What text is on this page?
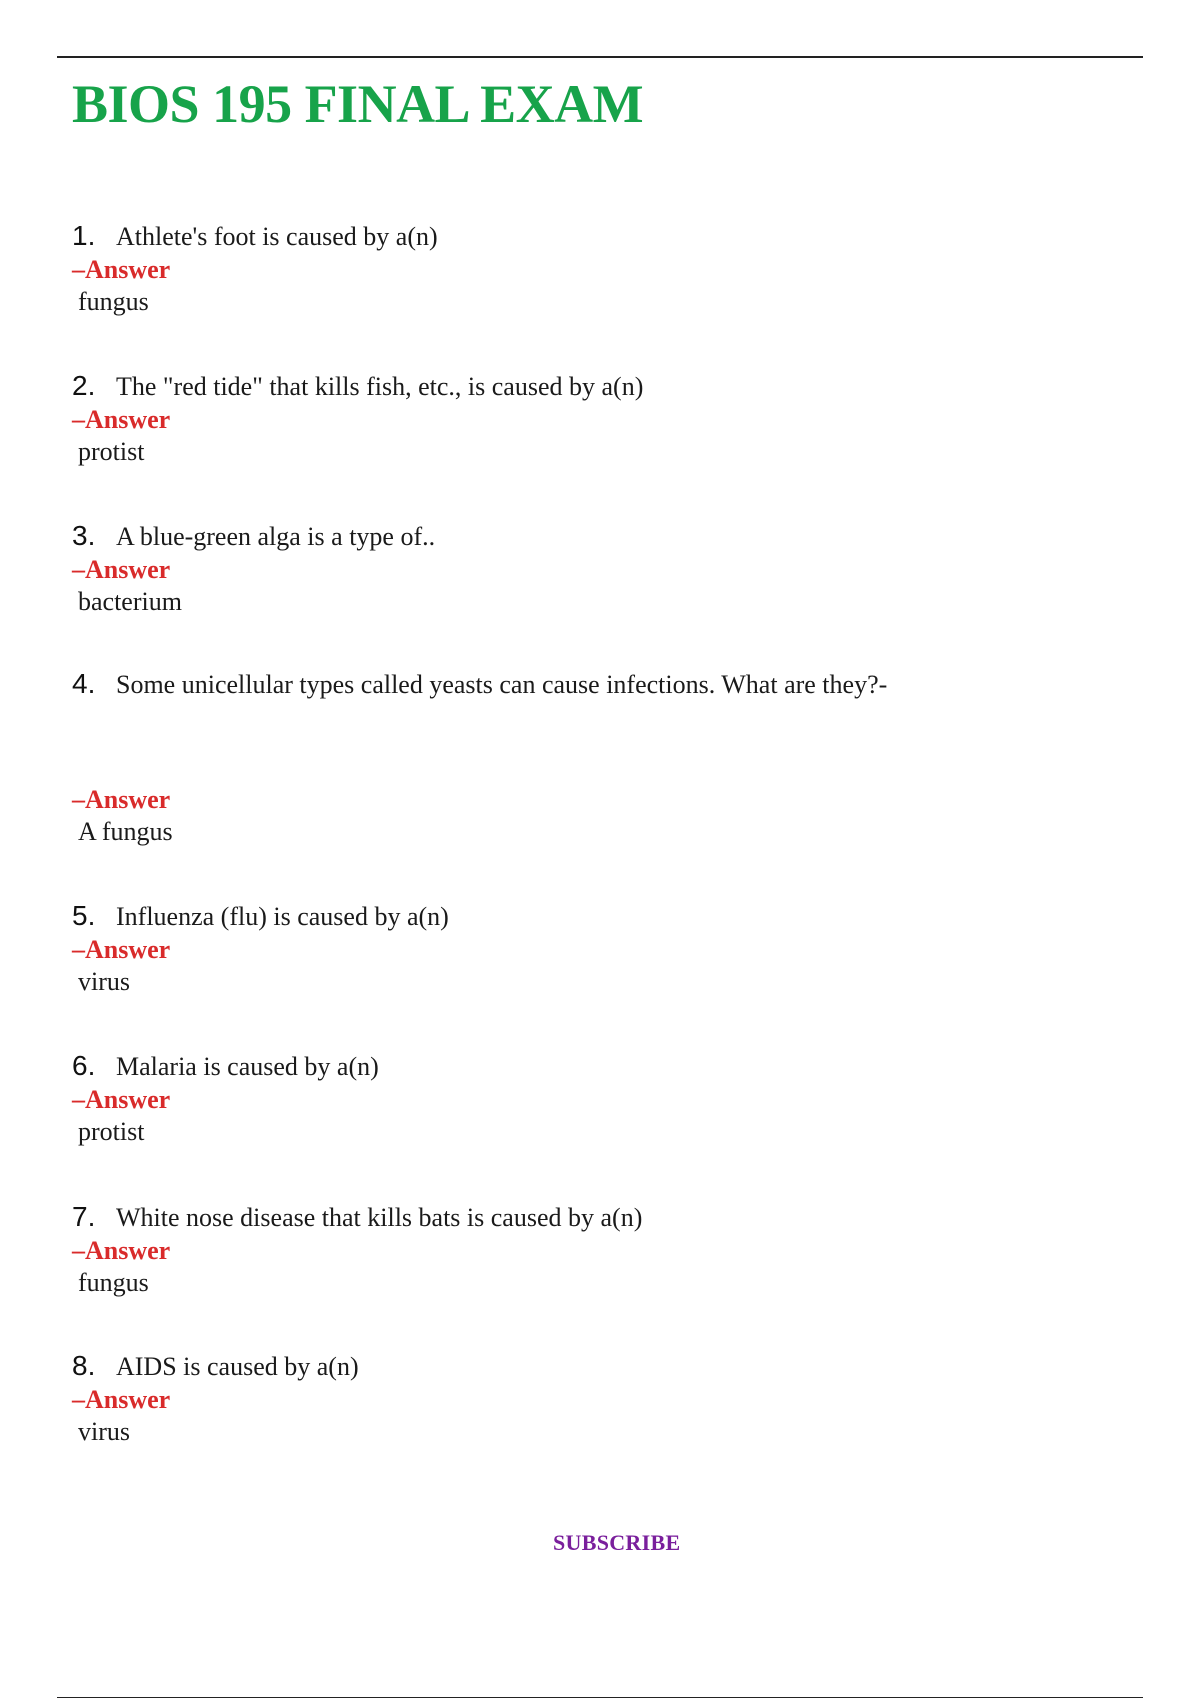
BIOS 195 FINAL EXAM
1. Athlete's foot is caused by a(n)
–Answer
fungus
2. The "red tide" that kills fish, etc., is caused by a(n)
–Answer
protist
3. A blue-green alga is a type of..
–Answer
bacterium
4. Some unicellular types called yeasts can cause infections. What are they?-
–Answer
A fungus
5. Influenza (flu) is caused by a(n)
–Answer
virus
6. Malaria is caused by a(n)
–Answer
protist
7. White nose disease that kills bats is caused by a(n)
–Answer
fungus
8. AIDS is caused by a(n)
–Answer
virus
SUBSCRIBE
